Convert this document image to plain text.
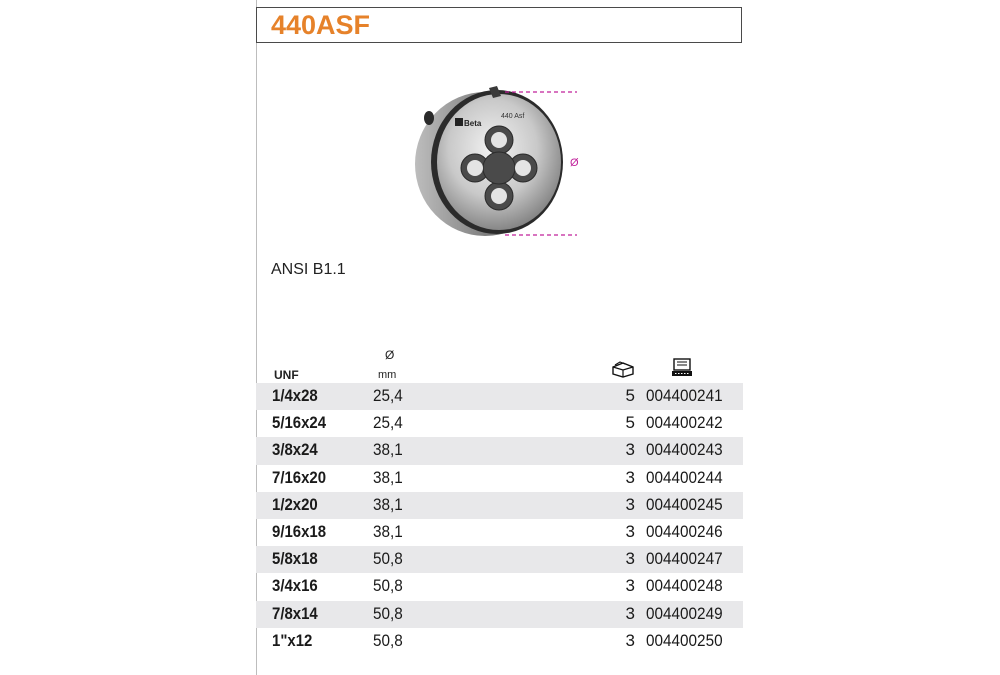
440ASF
Beta
440 Asf
Ø
ANSI B1.1
UNF
Ø
mm
1/4x28	25,4	5 004400241
5/16x24	25,4	5 004400242
3/8x24	38,1	3 004400243
7/16x20	38,1	3 004400244
1/2x20	38,1	3 004400245
9/16x18	38,1	3 004400246
5/8x18	50,8	3 004400247
3/4x16	50,8	3 004400248
7/8x14	50,8	3 004400249
1"x12	50,8	3 004400250
